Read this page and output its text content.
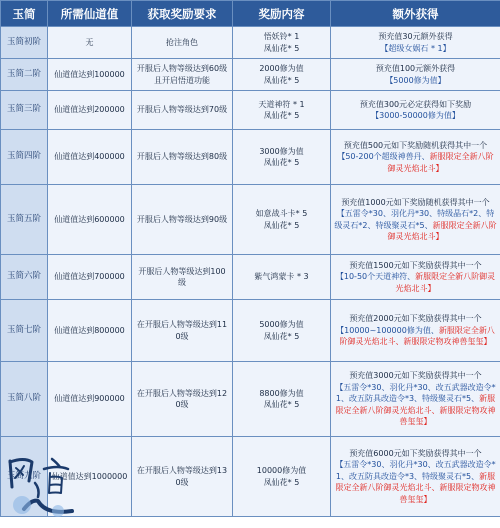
玉简	所需仙道值	获取奖励要求	奖励内容	额外获得
玉简初阶	无	抢注角色	悟妖铃* 1
凤仙花* 5	预充值30元额外获得
【超级女娲石 * 1】

玉简二阶	仙道值达到100000	开服后人物等级达到60级且开启悟道功能	2000修为值
凤仙花* 5	预充值100元额外获得
【5000修为值】

玉简三阶	仙道值达到200000	开服后人物等级达到70级	天道神符 * 1
凤仙花* 5	预充值300元必定获得如下奖励
【3000-50000修为值】

玉简四阶	仙道值达到400000	开服后人物等级达到80级	3000修为值
凤仙花* 5	预充值500元如下奖励随机获得其中一个
【50-200个超级神兽丹、新服限定全新八阶御灵光焰北斗】

玉简五阶	仙道值达到600000	开服后人物等级达到90级	如意战斗卡* 5
凤仙花* 5	预充值1000元如下奖励随机获得其中一个
【五雷令*30、羽化丹*30、特级晶石*2、特级灵石*2、特级聚灵石*5、新服限定全新八阶御灵光焰北斗】

玉简六阶	仙道值达到700000	开服后人物等级达到100级	紫气鸿蒙卡 * 3	预充值1500元如下奖励获得其中一个
【10-50个天道神符、新服限定全新八阶御灵光焰北斗】

玉简七阶	仙道值达到800000	在开服后人物等级达到110级	5000修为值
凤仙花* 5	预充值2000元如下奖励获得其中一个
【10000~100000修为值、新服限定全新八阶御灵光焰北斗、新服限定物攻神兽玺玺】

玉简八阶	仙道值达到900000	在开服后人物等级达到120级	8800修为值
凤仙花* 5	预充值3000元如下奖励获得其中一个
【五雷令*30、羽化丹*30、改五武器改造令*1、改五防具改造令*3、特级聚灵石*5、新服限定全新八阶御灵光焰北斗、新服限定物攻神兽玺玺】

玉简九阶	仙道值达到1000000	在开服后人物等级达到130级	10000修为值
凤仙花* 5	预充值6000元如下奖励获得其中一个
【五雷令*30、羽化丹*30、改五武器改造令*1、改五防具改造令*3、特级聚灵石*5、新服限定全新八阶御灵光焰北斗、新服限定物攻神兽玺玺】
